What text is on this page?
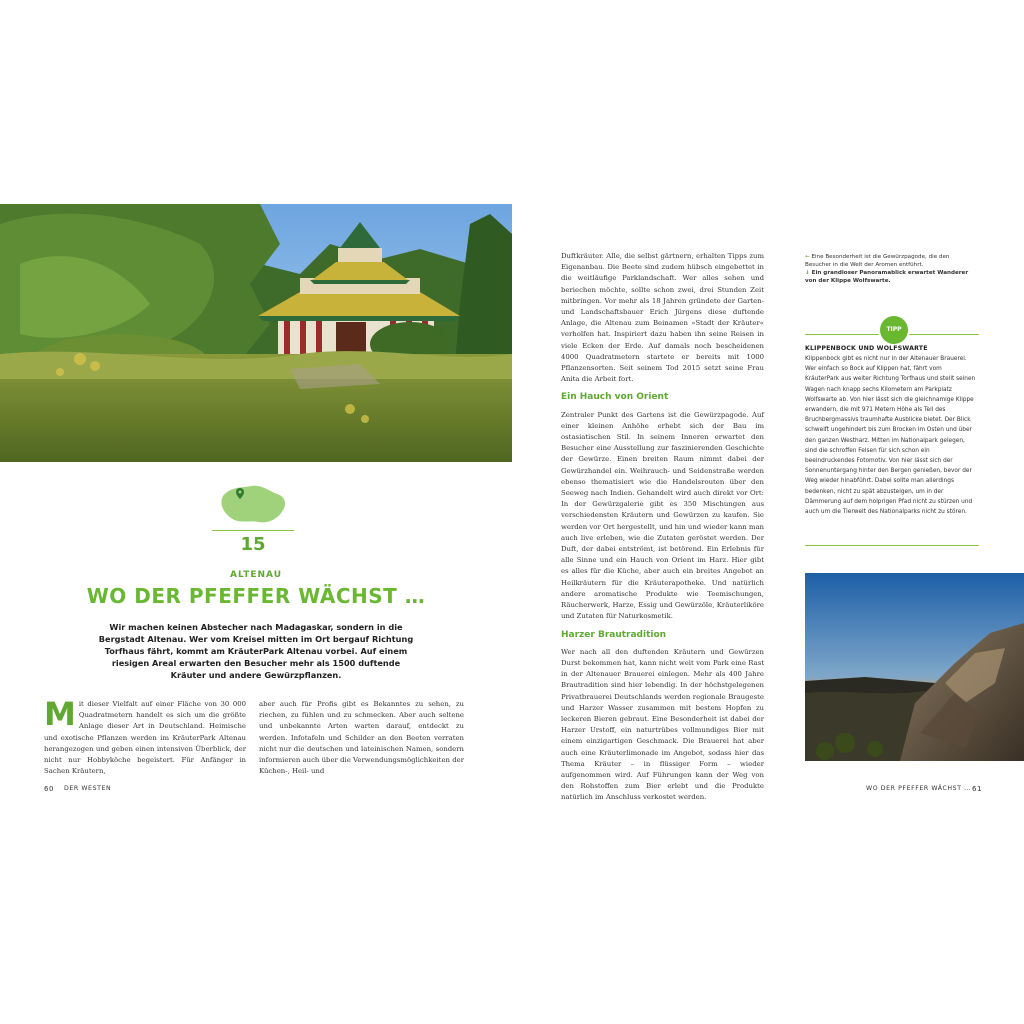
15
ALTENAU
WO DER PFEFFER WÄCHST …
Wir machen keinen Abstecher nach Madagaskar, sondern in die Bergstadt Altenau. Wer vom Kreisel mitten im Ort bergauf Richtung Torfhaus fährt, kommt am KräuterPark Altenau vorbei. Auf einem riesigen Areal erwarten den Besucher mehr als 1500 duftende Kräuter und andere Gewürzpflanzen.
Mit dieser Vielfalt auf einer Fläche von 30 000 Quadratmetern handelt es sich um die größte Anlage dieser Art in Deutschland. Heimische und exotische Pflanzen werden im KräuterPark Altenau herangezogen und geben einen intensiven Überblick, der nicht nur Hobbyköche begeistert. Für Anfänger in Sachen Kräutern,
aber auch für Profis gibt es Bekanntes zu sehen, zu riechen, zu fühlen und zu schmecken. Aber auch seltene und unbekannte Arten warten darauf, entdeckt zu werden. Infotafeln und Schilder an den Beeten verraten nicht nur die deutschen und lateinischen Namen, sondern informieren auch über die Verwendungsmöglichkeiten der Küchen-, Heil- und
60 DER WESTEN
Duftkräuter. Alle, die selbst gärtnern, erhalten Tipps zum Eigenanbau. Die Beete sind zudem hübsch eingebettet in die weitläufige Parklandschaft. Wer alles sehen und beriechen möchte, sollte schon zwei, drei Stunden Zeit mitbringen. Vor mehr als 18 Jahren gründete der Garten- und Landschaftsbauer Erich Jürgens diese duftende Anlage, die Altenau zum Beinamen »Stadt der Kräuter« verholfen hat. Inspiriert dazu haben ihn seine Reisen in viele Ecken der Erde. Auf damals noch bescheidenen 4000 Quadratmetern startete er bereits mit 1000 Pflanzensorten. Seit seinem Tod 2015 setzt seine Frau Anita die Arbeit fort.
Ein Hauch von Orient
Zentraler Punkt des Gartens ist die Gewürzpagode. Auf einer kleinen Anhöhe erhebt sich der Bau im ostasiatischen Stil. In seinem Inneren erwartet den Besucher eine Ausstellung zur faszinierenden Geschichte der Gewürze. Einen breiten Raum nimmt dabei der Gewürzhandel ein. Weihrauch- und Seidenstraße werden ebenso thematisiert wie die Handelsrouten über den Seeweg nach Indien. Gehandelt wird auch direkt vor Ort: In der Gewürzgalerie gibt es 350 Mischungen aus verschiedensten Kräutern und Gewürzen zu kaufen. Sie werden vor Ort hergestellt, und hin und wieder kann man auch live erleben, wie die Zutaten geröstet werden. Der Duft, der dabei entströmt, ist betörend. Ein Erlebnis für alle Sinne und ein Hauch von Orient im Harz. Hier gibt es alles für die Küche, aber auch ein breites Angebot an Heilkräutern für die Kräuterapotheke. Und natürlich andere aromatische Produkte wie Teemischungen, Räucherwerk, Harze, Essig und Gewürzöle, Kräuterliköre und Zutaten für Naturkosmetik.
Harzer Brautradition
Wer nach all den duftenden Kräutern und Gewürzen Durst bekommen hat, kann nicht weit vom Park eine Rast in der Altenauer Brauerei einlegen. Mehr als 400 Jahre Brautradition sind hier lebendig. In der höchstgelegenen Privatbrauerei Deutschlands werden regionale Braugeste und Harzer Wasser zusammen mit bestem Hopfen zu leckeren Bieren gebraut. Eine Besonderheit ist dabei der Harzer Urstoff, ein naturtrübes vollmundiges Bier mit einem einzigartigen Geschmack. Die Brauerei hat aber auch eine Kräuterlimonade im Angebot, sodass hier das Thema Kräuter – in flüssiger Form – wieder aufgenommen wird. Auf Führungen kann der Weg von den Rohstoffen zum Bier erlebt und die Produkte natürlich im Anschluss verkostet werden.
← Eine Besonderheit ist die Gewürzpagode, die den Besucher in die Welt der Aromen entführt.
↓ Ein grandioser Panoramablick erwartet Wanderer von der Klippe Wolfswarte.
TIPP
KLIPPENBOCK UND WOLFSWARTE
Klippenbock gibt es nicht nur in der Altenauer Brauerei. Wer einfach so Bock auf Klippen hat, fährt vom KräuterPark aus weiter Richtung Torfhaus und stellt seinen Wagen nach knapp sechs Kilometern am Parkplatz Wolfswarte ab. Von hier lässt sich die gleichnamige Klippe erwandern, die mit 971 Metern Höhe als Teil des Bruchbergmassivs traumhafte Ausblicke bietet. Der Blick schweift ungehindert bis zum Brocken im Osten und über den ganzen Westharz. Mitten im Nationalpark gelegen, sind die schroffen Felsen für sich schon ein beeindruckendes Fotomotiv. Von hier lässt sich der Sonnenuntergang hinter den Bergen genießen, bevor der Weg wieder hinabführt. Dabei sollte man allerdings bedenken, nicht zu spät abzusteigen, um in der Dämmerung auf dem holprigen Pfad nicht zu stürzen und auch um die Tierwelt des Nationalparks nicht zu stören.
WO DER PFEFFER WÄCHST … 61
